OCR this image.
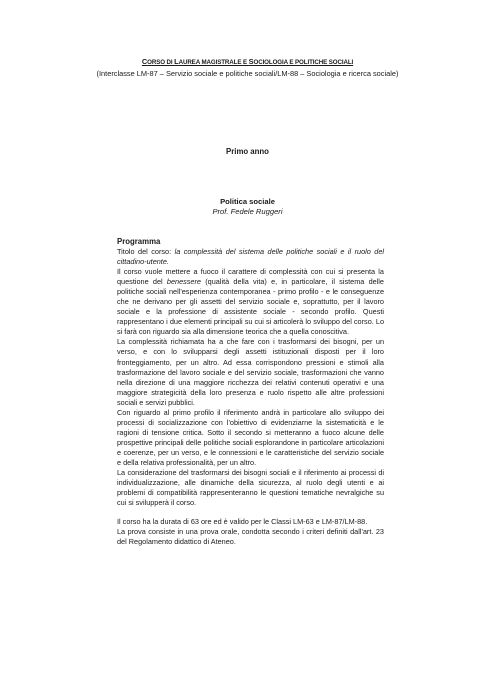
CORSO DI LAUREA MAGISTRALE E SOCIOLOGIA E POLITICHE SOCIALI
(Interclasse LM-87 – Servizio sociale e politiche sociali/LM-88 – Sociologia e ricerca sociale)
Primo anno
Politica sociale
Prof. Fedele Ruggeri
Programma

Titolo del corso: la complessità del sistema delle politiche sociali e il ruolo del cittadino-utente.

Il corso vuole mettere a fuoco il carattere di complessità con cui si presenta la questione del benessere (qualità della vita) e, in particolare, il sistema delle politiche sociali nell'esperienza contemporanea - primo profilo - e le conseguenze che ne derivano per gli assetti del servizio sociale e, soprattutto, per il lavoro sociale e la professione di assistente sociale - secondo profilo. Questi rappresentano i due elementi principali su cui si articolerà lo sviluppo del corso. Lo si farà con riguardo sia alla dimensione teorica che a quella conoscitiva.

La complessità richiamata ha a che fare con i trasformarsi dei bisogni, per un verso, e con lo svilupparsi degli assetti istituzionali disposti per il loro fronteggiamento, per un altro. Ad essa corrispondono pressioni e stimoli alla trasformazione del lavoro sociale e del servizio sociale, trasformazioni che vanno nella direzione di una maggiore ricchezza dei relativi contenuti operativi e una maggiore strategicità della loro presenza e ruolo rispetto alle altre professioni sociali e servizi pubblici.

Con riguardo al primo profilo il riferimento andrà in particolare allo sviluppo dei processi di socializzazione con l'obiettivo di evidenziarne la sistematicità e le ragioni di tensione critica. Sotto il secondo si metteranno a fuoco alcune delle prospettive principali delle politiche sociali esplorandone in particolare articolazioni e coerenze, per un verso, e le connessioni e le caratteristiche del servizio sociale e della relativa professionalità, per un altro.

La considerazione del trasformarsi dei bisogni sociali e il riferimento ai processi di individualizzazione, alle dinamiche della sicurezza, al ruolo degli utenti e ai problemi di compatibilità rappresenteranno le questioni tematiche nevralgiche su cui si svilupperà il corso.

Il corso ha la durata di 63 ore ed è valido per le Classi LM-63 e LM-87/LM-88.

La prova consiste in una prova orale, condotta secondo i criteri definiti dall'art. 23 del Regolamento didattico di Ateneo.
